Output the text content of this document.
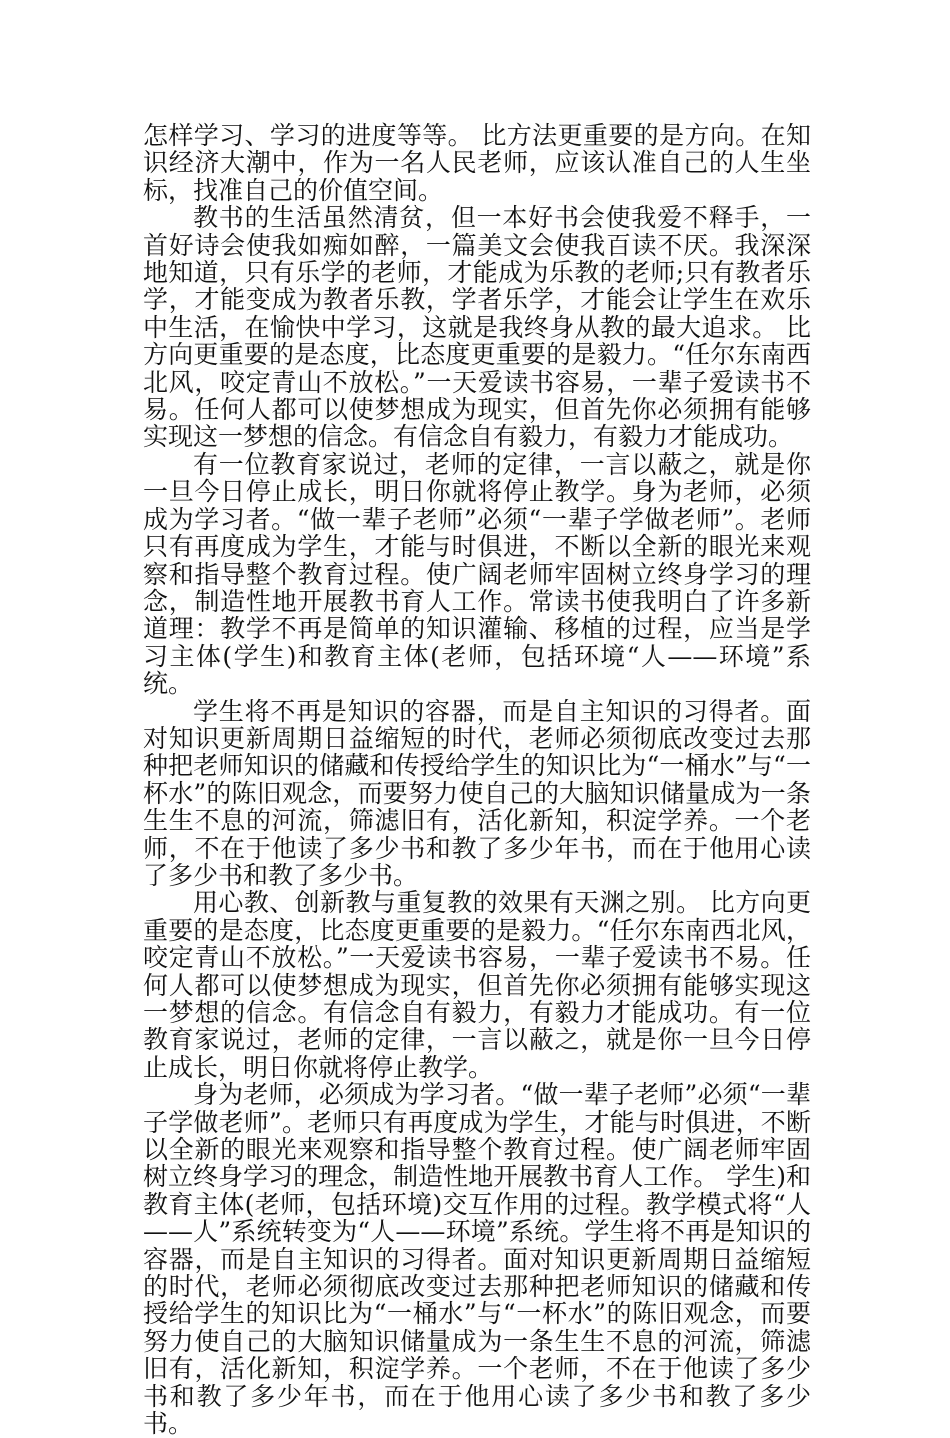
怎样学习、学习的进度等等。 比方法更重要的是方向。在知识经济大潮中，作为一名人民老师，应该认准自己的人生坐标，找准自己的价值空间。

教书的生活虽然清贫，但一本好书会使我爱不释手，一首好诗会使我如痴如醉，一篇美文会使我百读不厌。我深深地知道，只有乐学的老师，才能成为乐教的老师;只有教者乐学，才能变成为教者乐教，学者乐学，才能会让学生在欢乐中生活，在愉快中学习，这就是我终身从教的最大追求。 比方向更重要的是态度，比态度更重要的是毅力。“任尔东南西北风，咬定青山不放松。”一天爱读书容易，一辈子爱读书不易。任何人都可以使梦想成为现实，但首先你必须拥有能够实现这一梦想的信念。有信念自有毅力，有毅力才能成功。

有一位教育家说过，老师的定律，一言以蔽之，就是你一旦今日停止成长，明日你就将停止教学。身为老师，必须成为学习者。“做一辈子老师”必须“一辈子学做老师”。老师只有再度成为学生，才能与时俱进，不断以全新的眼光来观察和指导整个教育过程。使广阔老师牢固树立终身学习的理念，制造性地开展教书育人工作。常读书使我明白了许多新道理：教学不再是简单的知识灌输、移植的过程，应当是学习主体(学生)和教育主体(老师，包括环境“人——环境”系统。

学生将不再是知识的容器，而是自主知识的习得者。面对知识更新周期日益缩短的时代，老师必须彻底改变过去那种把老师知识的储藏和传授给学生的知识比为“一桶水”与“一杯水”的陈旧观念，而要努力使自己的大脑知识储量成为一条生生不息的河流，筛滤旧有，活化新知，积淀学养。一个老师，不在于他读了多少书和教了多少年书，而在于他用心读了多少书和教了多少书。

用心教、创新教与重复教的效果有天渊之别。 比方向更重要的是态度，比态度更重要的是毅力。“任尔东南西北风，咬定青山不放松。”一天爱读书容易，一辈子爱读书不易。任何人都可以使梦想成为现实，但首先你必须拥有能够实现这一梦想的信念。有信念自有毅力，有毅力才能成功。有一位教育家说过，老师的定律，一言以蔽之，就是你一旦今日停止成长，明日你就将停止教学。

身为老师，必须成为学习者。“做一辈子老师”必须“一辈子学做老师”。老师只有再度成为学生，才能与时俱进，不断以全新的眼光来观察和指导整个教育过程。使广阔老师牢固树立终身学习的理念，制造性地开展教书育人工作。 学生)和教育主体(老师，包括环境)交互作用的过程。教学模式将“人——人”系统转变为“人——环境”系统。学生将不再是知识的容器，而是自主知识的习得者。面对知识更新周期日益缩短的时代，老师必须彻底改变过去那种把老师知识的储藏和传授给学生的知识比为“一桶水”与“一杯水”的陈旧观念，而要努力使自己的大脑知识储量成为一条生生不息的河流，筛滤旧有，活化新知，积淀学养。一个老师，不在于他读了多少书和教了多少年书，而在于他用心读了多少书和教了多少书。
